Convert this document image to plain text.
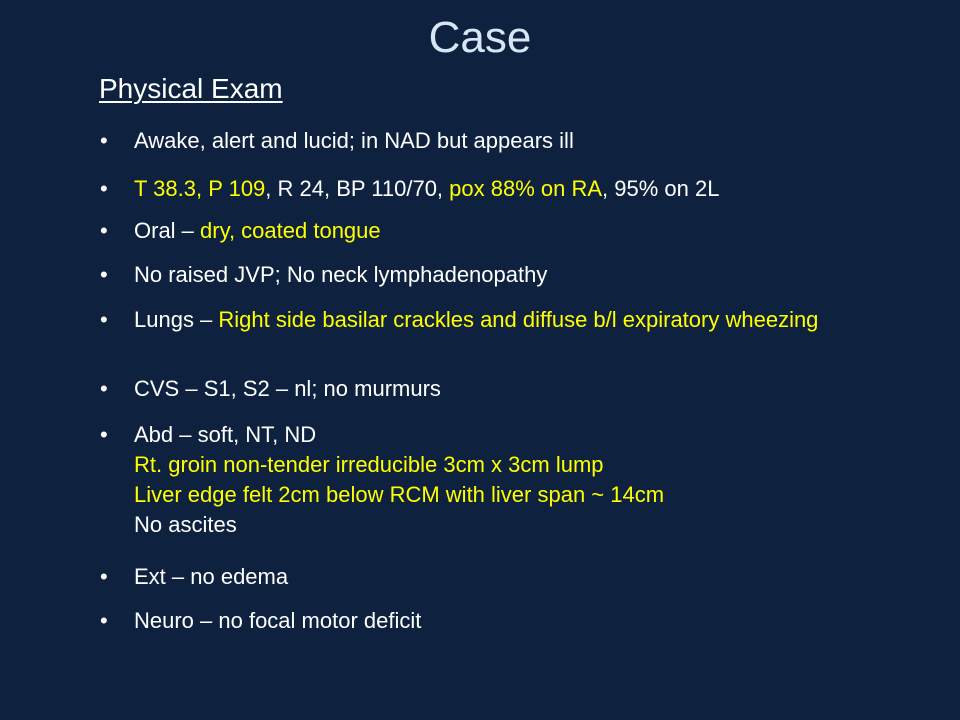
Case
Physical Exam
•	Awake, alert and lucid; in NAD but appears ill
•	T 38.3, P 109, R 24, BP 110/70, pox 88% on RA, 95% on 2L
•	Oral – dry, coated tongue
•	No raised JVP; No neck lymphadenopathy
•	Lungs – Right side basilar crackles and diffuse b/l expiratory wheezing
•	CVS – S1, S2 – nl; no murmurs
•	Abd – soft, NT, ND
Rt. groin non-tender irreducible 3cm x 3cm lump
Liver edge felt 2cm below RCM with liver span ~ 14cm
No ascites
•	Ext – no edema
•	Neuro – no focal motor deficit
